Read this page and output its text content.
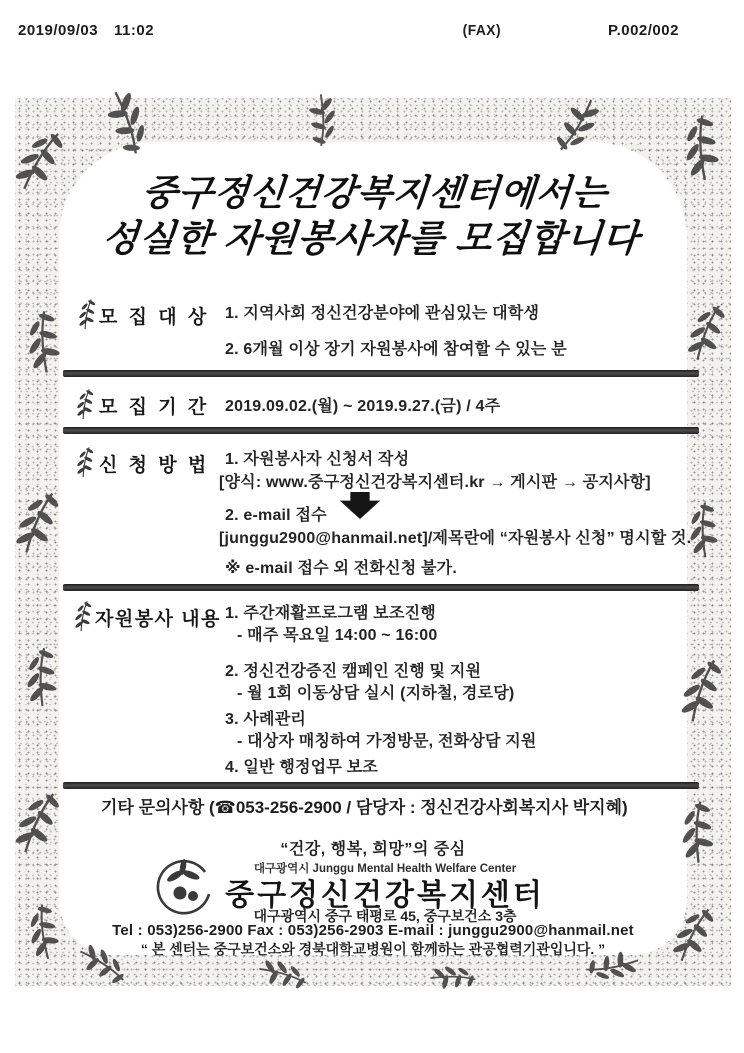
2019/09/03 11:02	(FAX)	P.002/002
중구정신건강복지센터에서는
성실한 자원봉사자를 모집합니다
모 집 대 상 1. 지역사회 정신건강분야에 관심있는 대학생
2. 6개월 이상 장기 자원봉사에 참여할 수 있는 분
모 집 기 간 2019.09.02.(월) ~ 2019.9.27.(금) / 4주
신 청 방 법 1. 자원봉사자 신청서 작성
[양식: www.중구정신건강복지센터.kr → 게시판 → 공지사항]
2. e-mail 접수
[junggu2900@hanmail.net]/제목란에 “자원봉사 신청” 명시할 것.
※ e-mail 접수 외 전화신청 불가.
자원봉사 내용 1. 주간재활프로그램 보조진행
- 매주 목요일 14:00 ~ 16:00
2. 정신건강증진 캠페인 진행 및 지원
- 월 1회 이동상담 실시 (지하철, 경로당)
3. 사례관리
- 대상자 매칭하여 가정방문, 전화상담 지원
4. 일반 행정업무 보조
기타 문의사항 (☎053-256-2900 / 담당자 : 정신건강사회복지사 박지혜)
“건강, 행복, 희망”의 중심
대구광역시 Junggu Mental Health Welfare Center
중구정신건강복지센터
대구광역시 중구 태평로 45, 중구보건소 3층
Tel : 053)256-2900 Fax : 053)256-2903 E-mail : junggu2900@hanmail.net
“ 본 센터는 중구보건소와 경북대학교병원이 함께하는 관공협력기관입니다. ”
